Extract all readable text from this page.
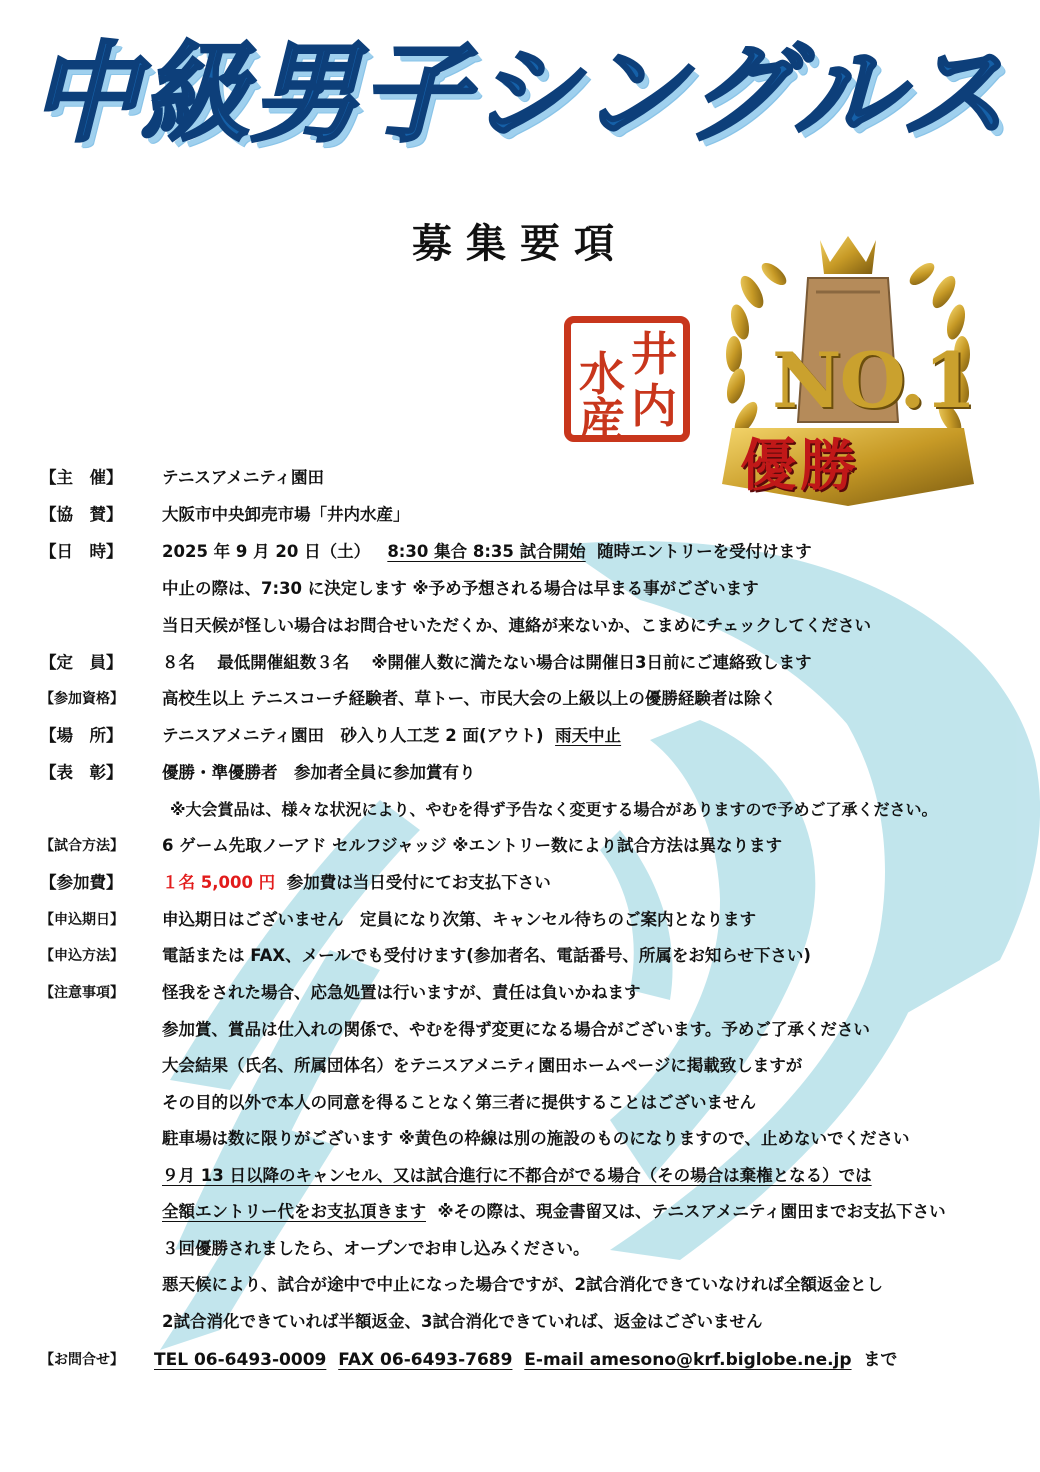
中級男子シングルス
募集要項
井
内
水
産 NO.1
優勝
【主　催】	テニスアメニティ園田
【協　賛】	大阪市中央卸売市場「井内水産」
【日　時】	2025 年 9 月 20 日（土） 8:30 集合 8:35 試合開始 随時エントリーを受付けます
中止の際は、7:30 に決定します ※予め予想される場合は早まる事がございます
当日天候が怪しい場合はお問合せいただくか、連絡が来ないか、こまめにチェックしてください
【定　員】	８名　 最低開催組数３名　 ※開催人数に満たない場合は開催日3日前にご連絡致します
【参加資格】	高校生以上 テニスコーチ経験者、草トー、市民大会の上級以上の優勝経験者は除く
【場　所】	テニスアメニティ園田　砂入り人工芝 2 面(アウト) 雨天中止
【表　彰】	優勝・準優勝者　参加者全員に参加賞有り
※大会賞品は、様々な状況により、やむを得ず予告なく変更する場合がありますので予めご了承ください。
【試合方法】	6 ゲーム先取ノーアド セルフジャッジ ※エントリー数により試合方法は異なります
【参加費】	１名 5,000 円 参加費は当日受付にてお支払下さい
【申込期日】	申込期日はございません　定員になり次第、キャンセル待ちのご案内となります
【申込方法】	電話または FAX、メールでも受付けます(参加者名、電話番号、所属をお知らせ下さい)
【注意事項】	怪我をされた場合、応急処置は行いますが、責任は負いかねます
参加賞、賞品は仕入れの関係で、やむを得ず変更になる場合がございます。予めご了承ください
大会結果（氏名、所属団体名）をテニスアメニティ園田ホームページに掲載致しますが
その目的以外で本人の同意を得ることなく第三者に提供することはございません
駐車場は数に限りがございます ※黄色の枠線は別の施設のものになりますので、止めないでください
９月 13 日以降のキャンセル、又は試合進行に不都合がでる場合（その場合は棄権となる）では
全額エントリー代をお支払頂きます ※その際は、現金書留又は、テニスアメニティ園田までお支払下さい
３回優勝されましたら、オープンでお申し込みください。
悪天候により、試合が途中で中止になった場合ですが、2試合消化できていなければ全額返金とし
2試合消化できていれば半額返金、3試合消化できていれば、返金はございません
【お問合せ】	TEL 06-6493-0009 FAX 06-6493-7689 E-mail amesono@krf.biglobe.ne.jp まで
